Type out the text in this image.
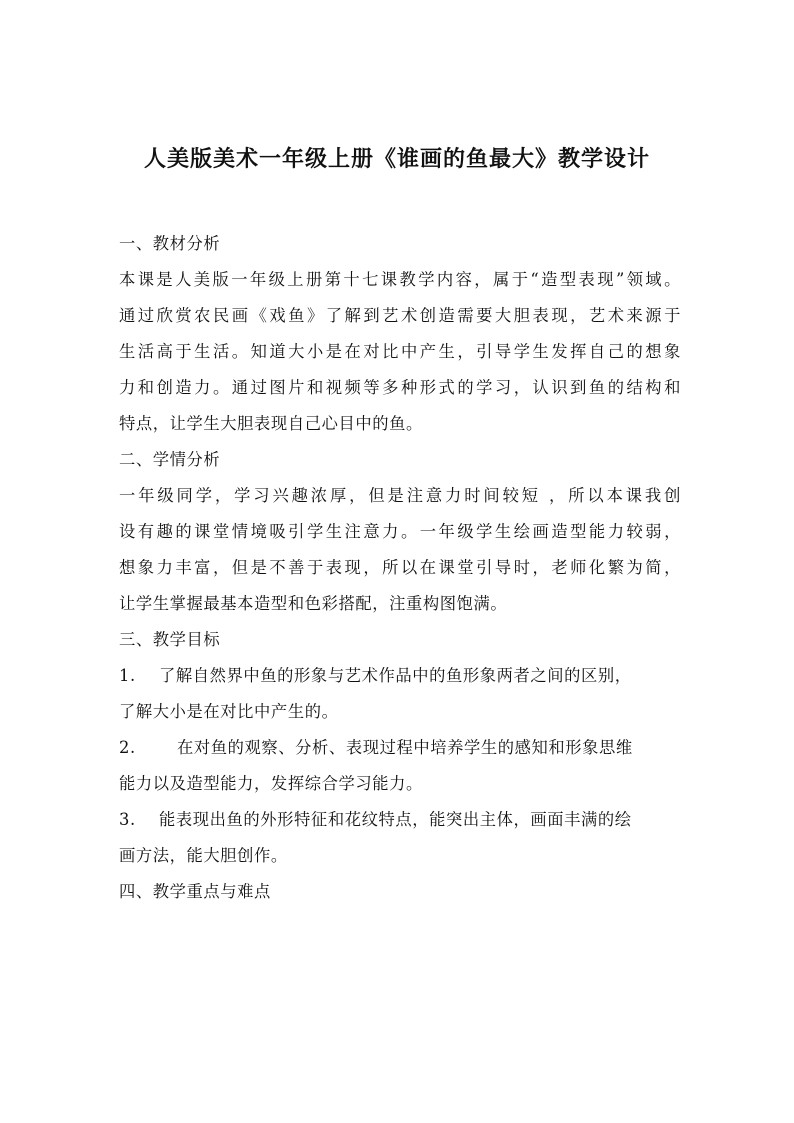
人美版美术一年级上册《谁画的鱼最大》教学设计
一、教材分析
本课是人美版一年级上册第十七课教学内容，属于“造型表现”领域。
通过欣赏农民画《戏鱼》了解到艺术创造需要大胆表现，艺术来源于
生活高于生活。知道大小是在对比中产生，引导学生发挥自己的想象
力和创造力。通过图片和视频等多种形式的学习，认识到鱼的结构和
特点，让学生大胆表现自己心目中的鱼。
二、学情分析
一年级同学，学习兴趣浓厚，但是注意力时间较短 ，所以本课我创
设有趣的课堂情境吸引学生注意力。一年级学生绘画造型能力较弱，
想象力丰富，但是不善于表现，所以在课堂引导时，老师化繁为简，
让学生掌握最基本造型和色彩搭配，注重构图饱满。
三、教学目标
1. 了解自然界中鱼的形象与艺术作品中的鱼形象两者之间的区别，
了解大小是在对比中产生的。
2.	在对鱼的观察、分析、表现过程中培养学生的感知和形象思维
能力以及造型能力，发挥综合学习能力。
3. 能表现出鱼的外形特征和花纹特点，能突出主体，画面丰满的绘
画方法，能大胆创作。
四、教学重点与难点
